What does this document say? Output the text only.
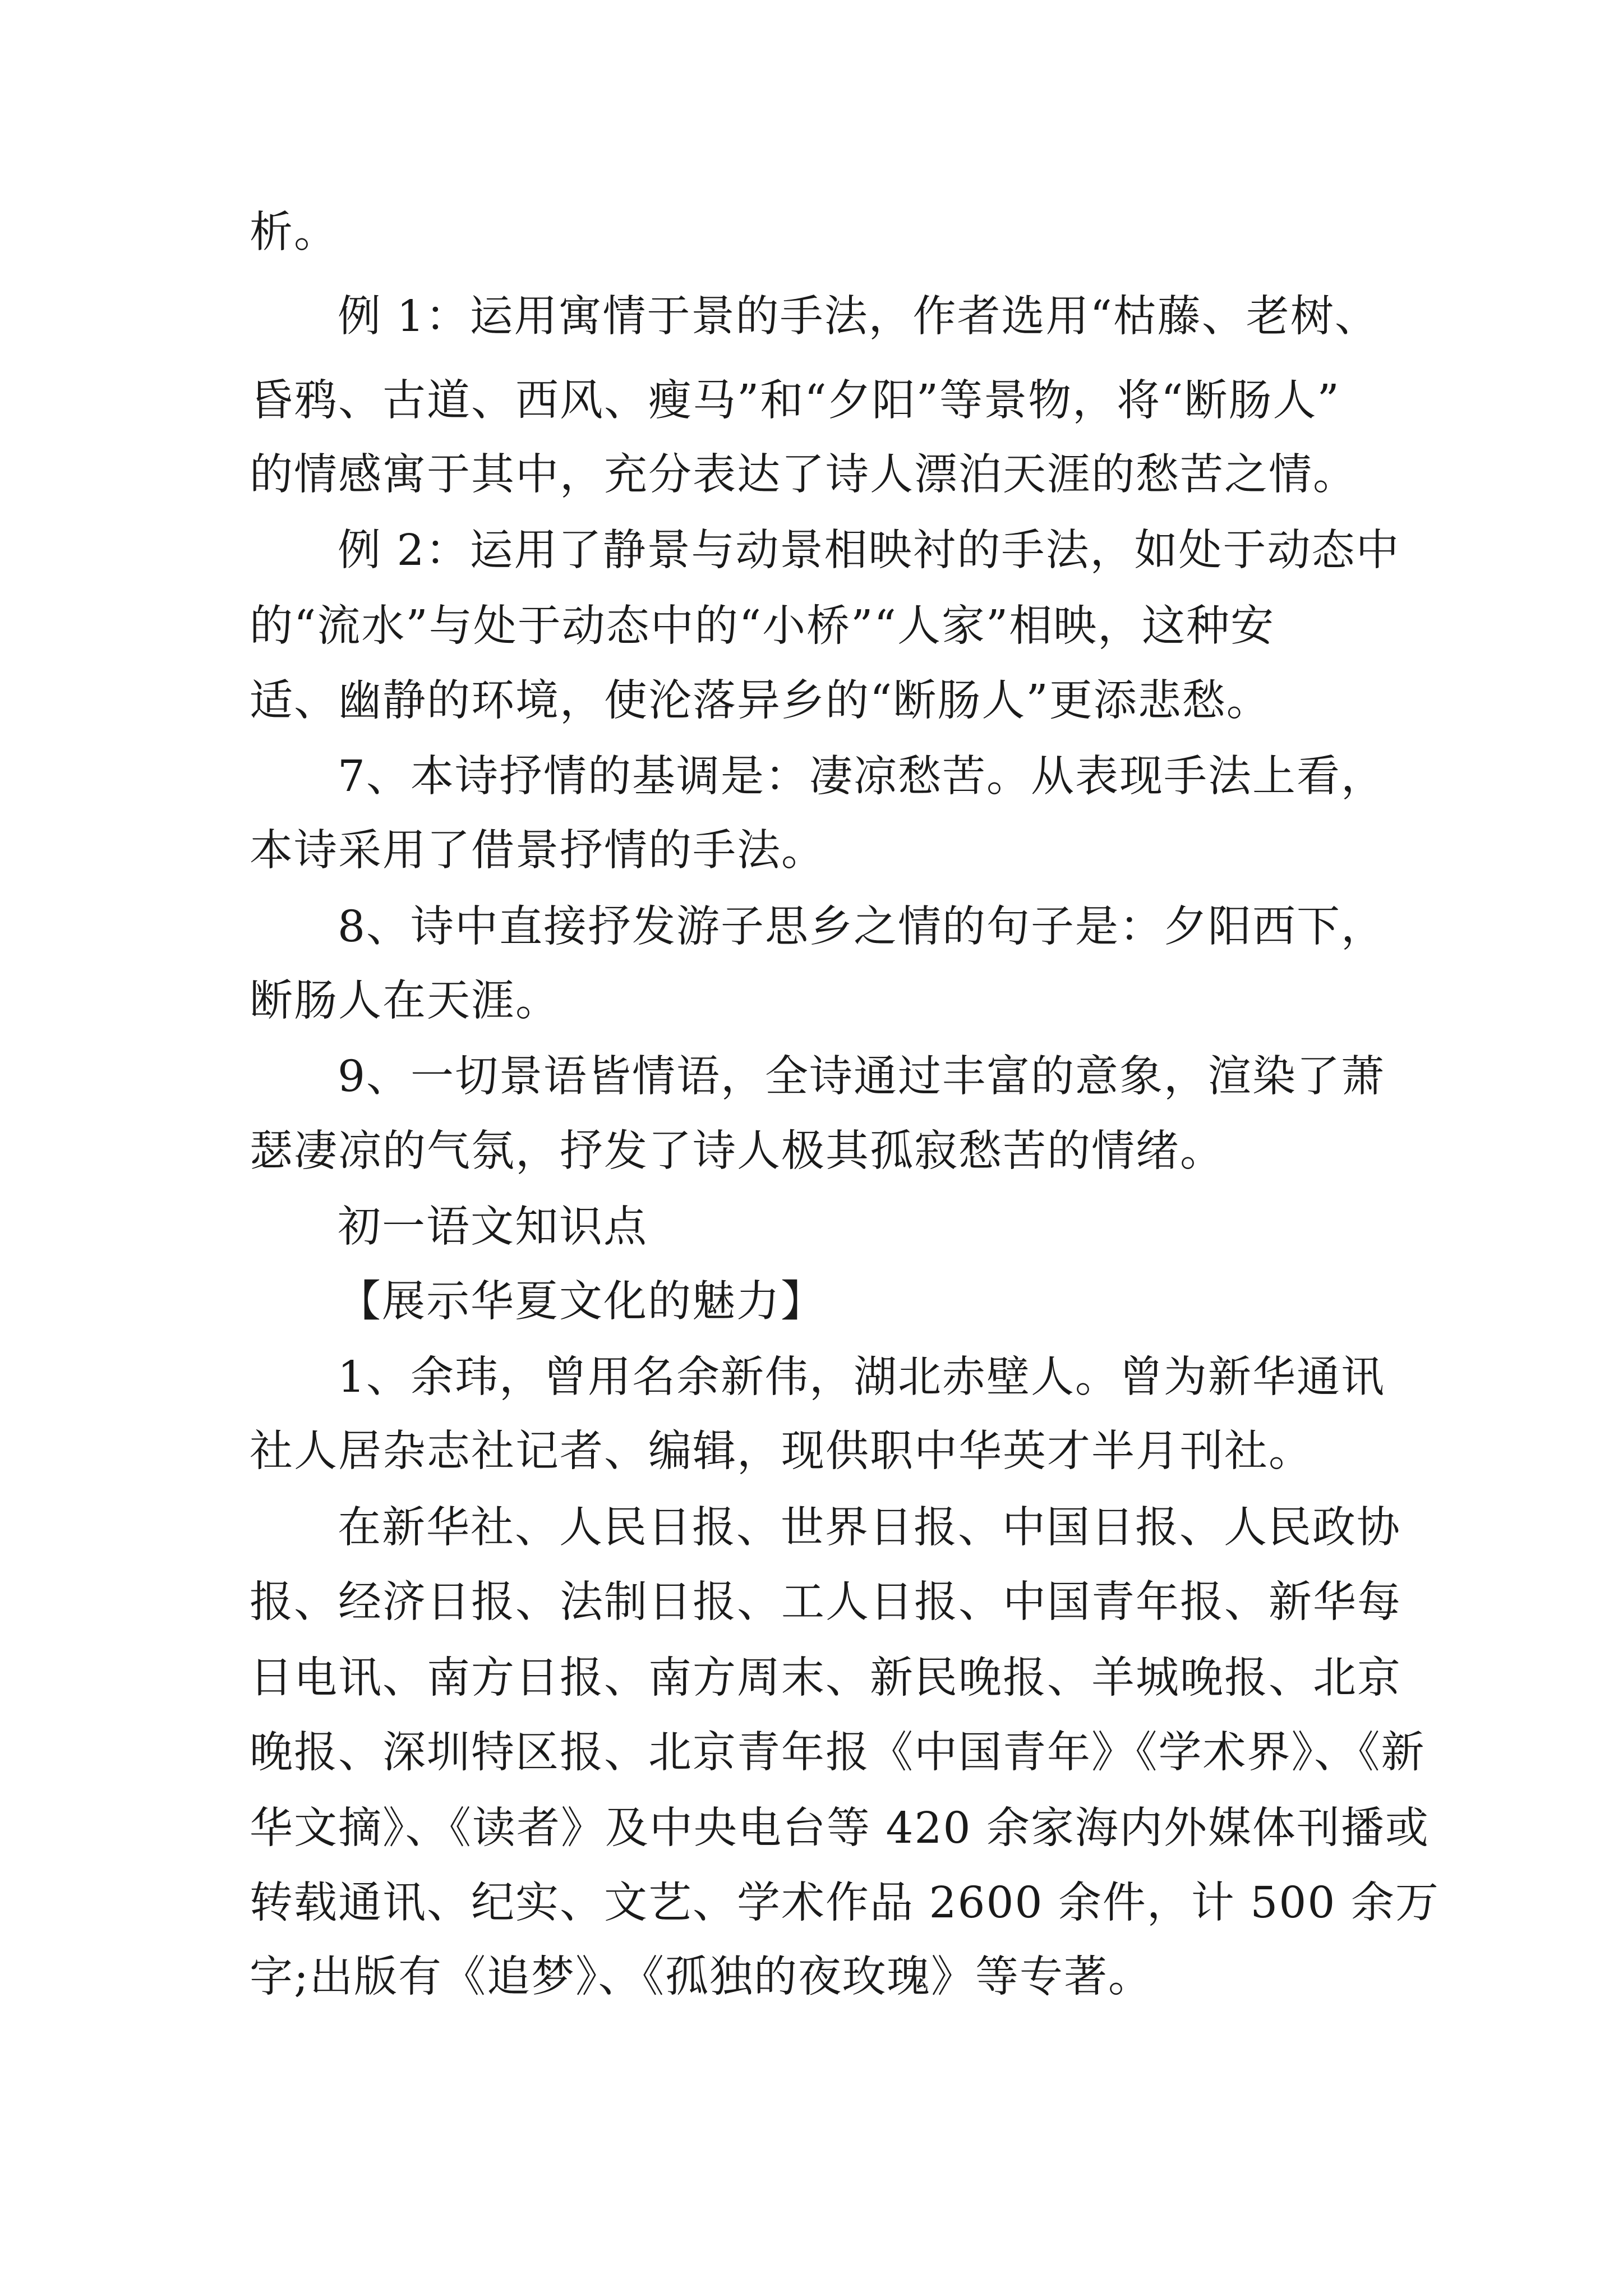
析。
例 1：运用寓情于景的手法，作者选用“枯藤、老树、
昏鸦、古道、西风、瘦马”和“夕阳”等景物，将“断肠人”
的情感寓于其中，充分表达了诗人漂泊天涯的愁苦之情。
例 2：运用了静景与动景相映衬的手法，如处于动态中
的“流水”与处于动态中的“小桥”“人家”相映，这种安
适、幽静的环境，使沦落异乡的“断肠人”更添悲愁。
7、本诗抒情的基调是：凄凉愁苦。从表现手法上看，
本诗采用了借景抒情的手法。
8、诗中直接抒发游子思乡之情的句子是：夕阳西下，
断肠人在天涯。
9、一切景语皆情语，全诗通过丰富的意象，渲染了萧
瑟凄凉的气氛，抒发了诗人极其孤寂愁苦的情绪。
初一语文知识点
【展示华夏文化的魅力】
1、余玮，曾用名余新伟，湖北赤壁人。曾为新华通讯
社人居杂志社记者、编辑，现供职中华英才半月刊社。
在新华社、人民日报、世界日报、中国日报、人民政协
报、经济日报、法制日报、工人日报、中国青年报、新华每
日电讯、南方日报、南方周末、新民晚报、羊城晚报、北京
晚报、深圳特区报、北京青年报《中国青年》《学术界》、《新
华文摘》、《读者》及中央电台等 420 余家海内外媒体刊播或
转载通讯、纪实、文艺、学术作品 2600 余件，计 500 余万
字;出版有《追梦》、《孤独的夜玫瑰》等专著。
